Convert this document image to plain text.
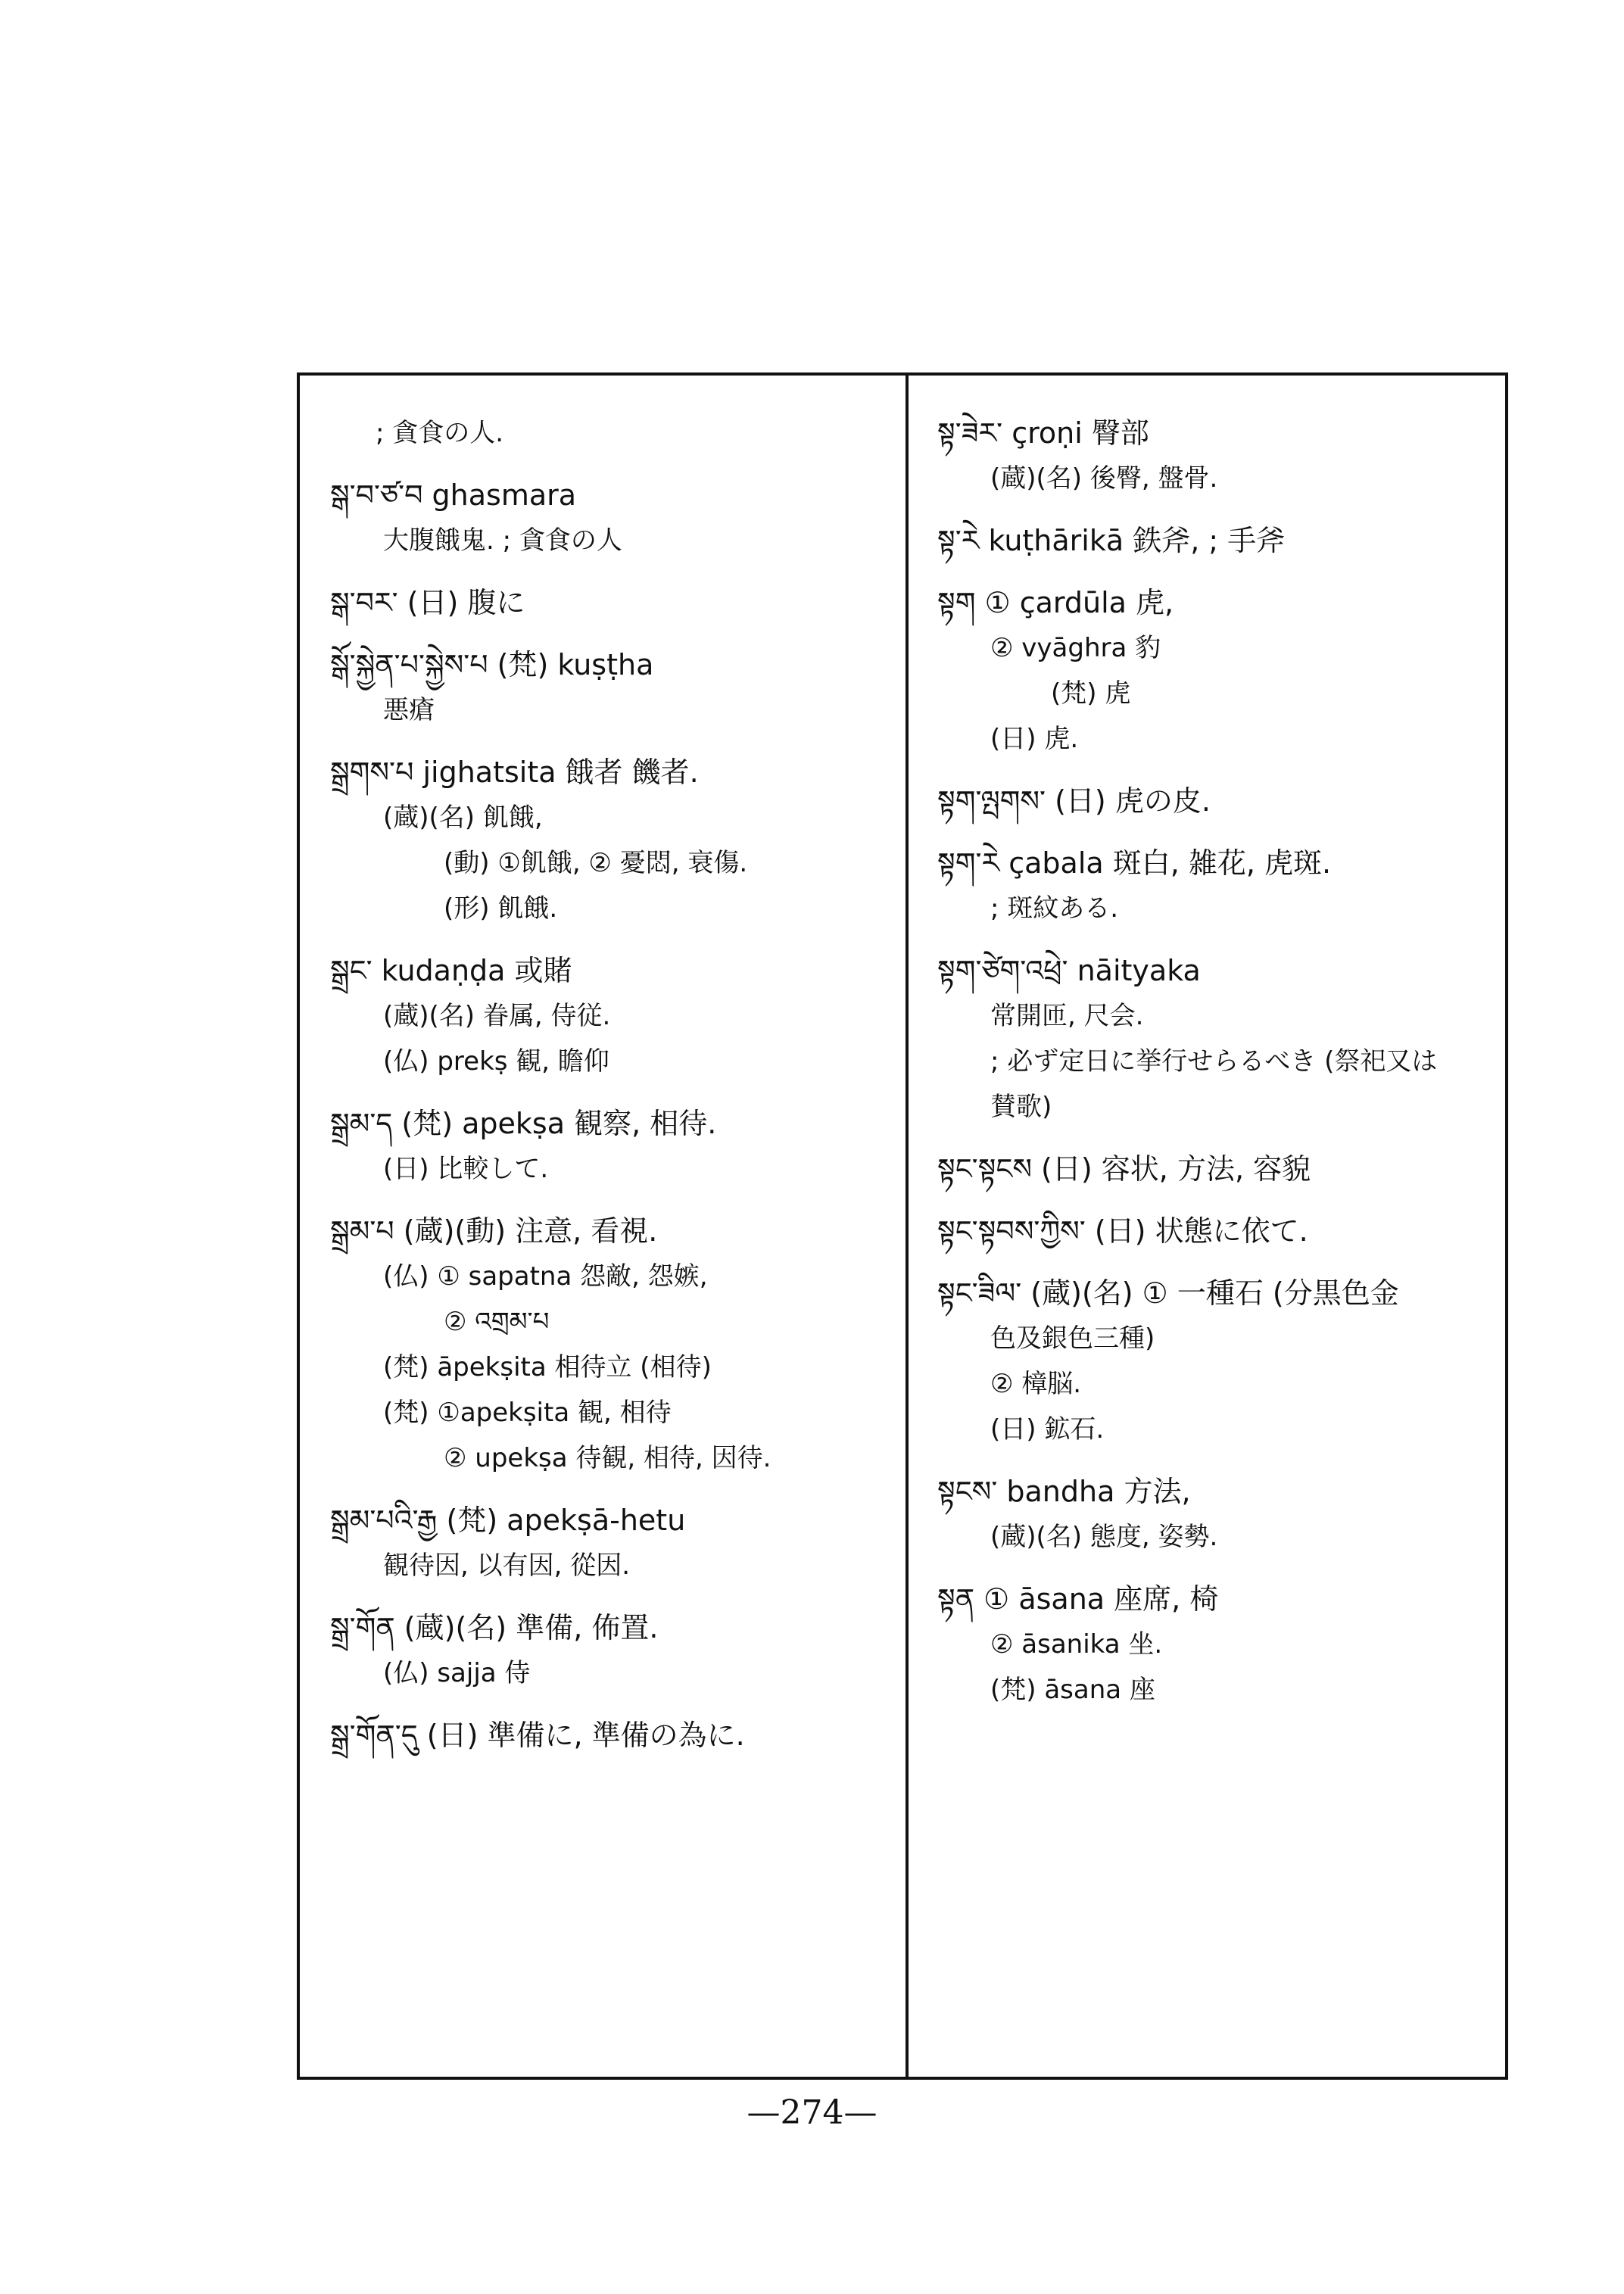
; 貪食の人.
སྒ་བ་ཙ་བ ghasmara
大腹餓鬼. ; 貪食の人
སྒ་བར་ (日) 腹に
སྒོ་སྐྱེན་པ་སྐྱེས་པ (梵) kuṣṭha
悪瘡
སྒྲགས་པ jighatsita 餓者 饑者.
(蔵)(名) 飢餓,
(動) ①飢餓, ② 憂悶, 衰傷.
(形) 飢餓.
སྒྲང་ kudaṇḍa 或賭
(蔵)(名) 眷属, 侍従.
(仏) prekṣ 観, 瞻仰
སྒྲམ་ད (梵) apekṣa 観察, 相待.
(日) 比較して.
སྒྲམ་པ (蔵)(動) 注意, 看視.
(仏) ① sapatna 怨敵, 怨嫉,
② འགྲམ་པ
(梵) āpekṣita 相待立 (相待)
(梵) ①apekṣita 観, 相待
② upekṣa 待観, 相待, 因待.
སྒྲམ་པའི་རྒྱ (梵) apekṣā-hetu
観待因, 以有因, 從因.
སྒྲ་གོན (蔵)(名) 準備, 佈置.
(仏) sajja 侍
སྒྲ་གོན་དུ (日) 準備に, 準備の為に.
སྟ་ཟེར་ çroṇi 臀部
(蔵)(名) 後臀, 盤骨.
སྟ་རེ kuṭhārikā 鉄斧, ; 手斧
སྟག ① çardūla 虎,
② vyāghra 豹
(梵) 虎
(日) 虎.
སྟག་ལྤགས་ (日) 虎の皮.
སྟག་རེ çabala 斑白, 雑花, 虎斑.
; 斑紋ある.
སྟག་ཙེག་འཕྲེ་ nāityaka
常開匝, 尺会.
; 必ず定日に挙行せらるべき (祭祀又は
賛歌)
སྟང་སྟངས (日) 容状, 方法, 容貌
སྟང་སྟབས་ཀྱིས་ (日) 状態に依て.
སྟང་ཟིལ་ (蔵)(名) ① 一種石 (分黒色金
色及銀色三種)
② 樟脳.
(日) 鉱石.
སྟངས་ bandha 方法,
(蔵)(名) 態度, 姿勢.
སྟན ① āsana 座席, 椅
② āsanika 坐.
(梵) āsana 座
—274—
